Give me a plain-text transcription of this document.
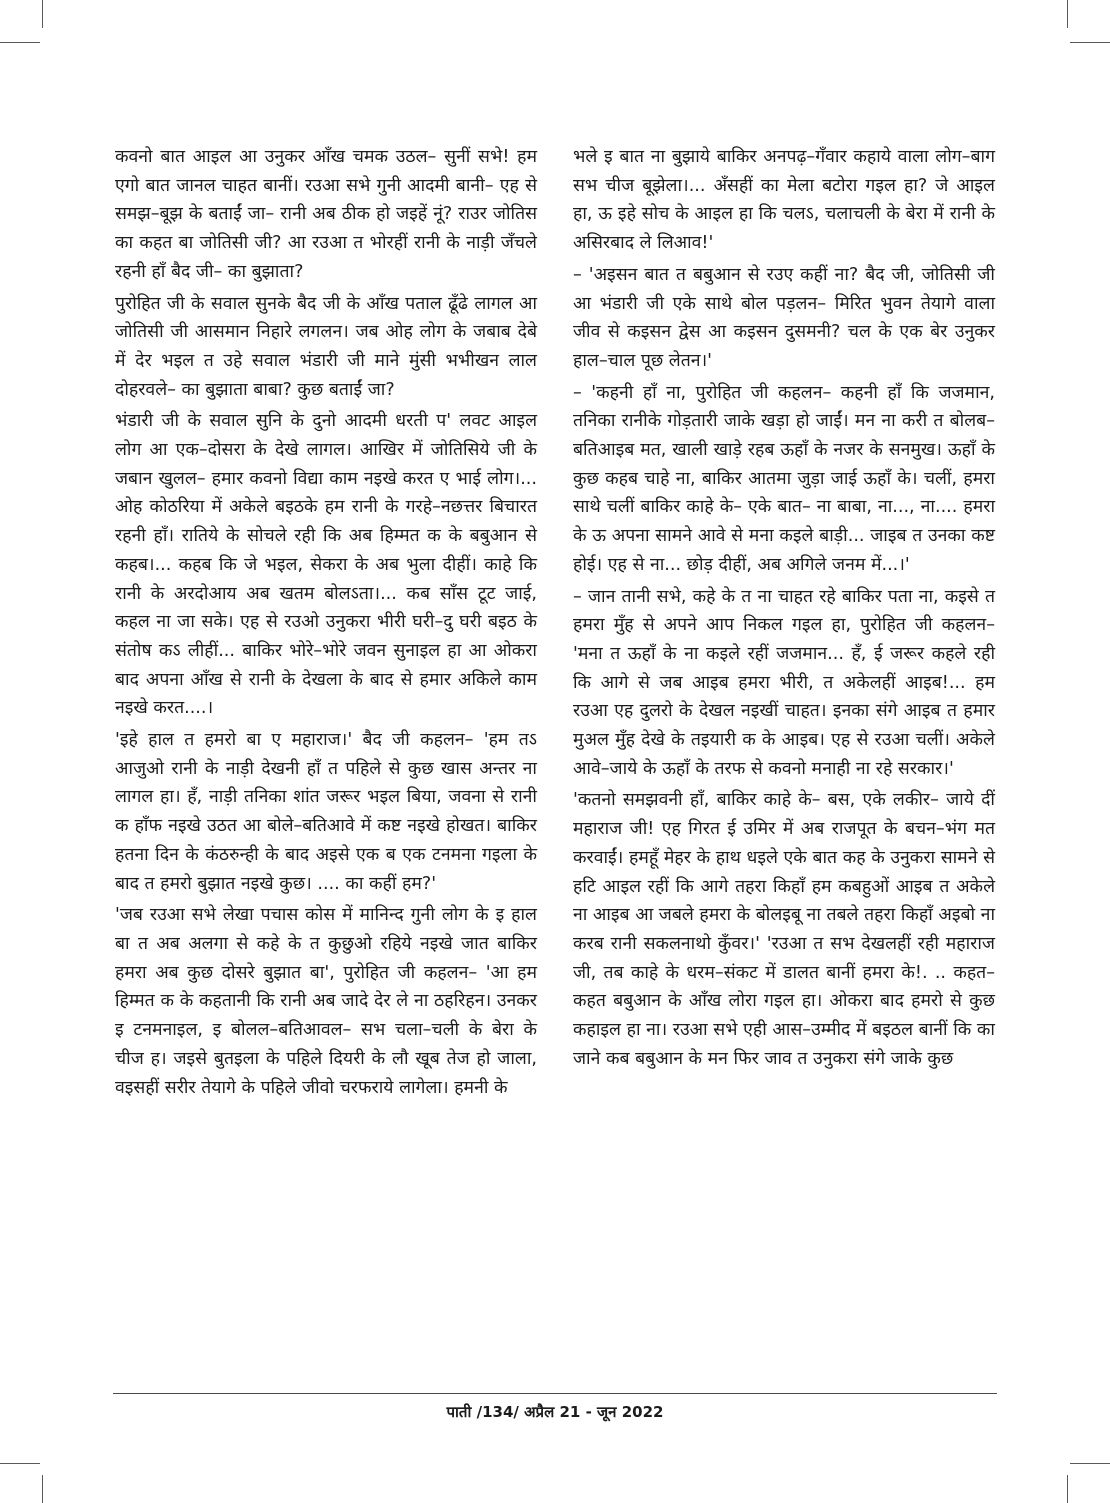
कवनो बात आइल आ उनुकर आँख चमक उठल– सुनीं सभे! हम एगो बात जानल चाहत बानीं। रउआ सभे गुनी आदमी बानी– एह से समझ–बूझ के बताईं जा– रानी अब ठीक हो जइहें नूं? राउर जोतिस का कहत बा जोतिसी जी? आ रउआ त भोरहीं रानी के नाड़ी जँचले रहनी हाँ बैद जी– का बुझाता?

पुरोहित जी के सवाल सुनके बैद जी के आँख पताल ढूँढे लागल आ जोतिसी जी आसमान निहारे लगलन। जब ओह लोग के जबाब देबे में देर भइल त उहे सवाल भंडारी जी माने मुंसी भभीखन लाल दोहरवले– का बुझाता बाबा? कुछ बताईं जा?

भंडारी जी के सवाल सुनि के दुनो आदमी धरती प' लवट आइल लोग आ एक–दोसरा के देखे लागल। आखिर में जोतिसिये जी के जबान खुलल– हमार कवनो विद्या काम नइखे करत ए भाई लोग।... ओह कोठरिया में अकेले बइठके हम रानी के गरहे–नछत्तर बिचारत रहनी हाँ। रातिये के सोचले रही कि अब हिम्मत क के बबुआन से कहब।... कहब कि जे भइल, सेकरा के अब भुला दीहीं। काहे कि रानी के अरदोआय अब खतम बोलऽता।... कब साँस टूट जाई, कहल ना जा सके। एह से रउओ उनुकरा भीरी घरी–दु घरी बइठ के संतोष कऽ लीहीं... बाकिर भोरे–भोरे जवन सुनाइल हा आ ओकरा बाद अपना आँख से रानी के देखला के बाद से हमार अकिले काम नइखे करत....।

'इहे हाल त हमरो बा ए महाराज।' बैद जी कहलन– 'हम तऽ आजुओ रानी के नाड़ी देखनी हाँ त पहिले से कुछ खास अन्तर ना लागल हा। हँ, नाड़ी तनिका शांत जरूर भइल बिया, जवना से रानी क हाँफ नइखे उठत आ बोले–बतिआवे में कष्ट नइखे होखत। बाकिर हतना दिन के कंठरुन्ही के बाद अइसे एक ब एक टनमना गइला के बाद त हमरो बुझात नइखे कुछ। .... का कहीं हम?'

'जब रउआ सभे लेखा पचास कोस में मानिन्द गुनी लोग के इ हाल बा त अब अलगा से कहे के त कुछुओ रहिये नइखे जात बाकिर हमरा अब कुछ दोसरे बुझात बा', पुरोहित जी कहलन– 'आ हम हिम्मत क के कहतानी कि रानी अब जादे देर ले ना ठहरिहन। उनकर इ टनमनाइल, इ बोलल–बतिआवल– सभ चला–चली के बेरा के चीज ह। जइसे बुतइला के पहिले दियरी के लौ खूब तेज हो जाला, वइसहीं सरीर तेयागे के पहिले जीवो चरफराये लागेला। हमनी के

भले इ बात ना बुझाये बाकिर अनपढ़–गँवार कहाये वाला लोग–बाग सभ चीज बूझेला।... अँसहीं का मेला बटोरा गइल हा? जे आइल हा, ऊ इहे सोच के आइल हा कि चलऽ, चलाचली के बेरा में रानी के असिरबाद ले लिआव!'

– 'अइसन बात त बबुआन से रउए कहीं ना? बैद जी, जोतिसी जी आ भंडारी जी एके साथे बोल पड़लन– मिरित भुवन तेयागे वाला जीव से कइसन द्वेस आ कइसन दुसमनी? चल के एक बेर उनुकर हाल–चाल पूछ लेतन।'

– 'कहनी हाँ ना, पुरोहित जी कहलन– कहनी हाँ कि जजमान, तनिका रानीके गोड़तारी जाके खड़ा हो जाईं। मन ना करी त बोलब–बतिआइब मत, खाली खाड़े रहब ऊहाँ के नजर के सनमुख। ऊहाँ के कुछ कहब चाहे ना, बाकिर आतमा जुड़ा जाई ऊहाँ के। चलीं, हमरा साथे चलीं बाकिर काहे के– एके बात– ना बाबा, ना..., ना.... हमरा के ऊ अपना सामने आवे से मना कइले बाड़ी... जाइब त उनका कष्ट होई। एह से ना... छोड़ दीहीं, अब अगिले जनम में...।'

– जान तानी सभे, कहे के त ना चाहत रहे बाकिर पता ना, कइसे त हमरा मुँह से अपने आप निकल गइल हा, पुरोहित जी कहलन– 'मना त ऊहाँ के ना कइले रहीं जजमान... हँ, ई जरूर कहले रही कि आगे से जब आइब हमरा भीरी, त अकेलहीं आइब!... हम रउआ एह दुलरो के देखल नइखीं चाहत। इनका संगे आइब त हमार मुअल मुँह देखे के तइयारी क के आइब। एह से रउआ चलीं। अकेले आवे–जाये के ऊहाँ के तरफ से कवनो मनाही ना रहे सरकार।'

'कतनो समझवनी हाँ, बाकिर काहे के– बस, एके लकीर– जाये दीं महाराज जी! एह गिरत ई उमिर में अब राजपूत के बचन–भंग मत करवाईं। हमहूँ मेहर के हाथ धइले एके बात कह के उनुकरा सामने से हटि आइल रहीं कि आगे तहरा किहाँ हम कबहुओं आइब त अकेले ना आइब आ जबले हमरा के बोलइबू ना तबले तहरा किहाँ अइबो ना करब रानी सकलनाथो कुँवर।' 'रउआ त सभ देखलहीं रही महाराज जी, तब काहे के धरम–संकट में डालत बानीं हमरा के!. .. कहत–कहत बबुआन के आँख लोरा गइल हा। ओकरा बाद हमरो से कुछ कहाइल हा ना। रउआ सभे एही आस–उम्मीद में बइठल बानीं कि का जाने कब बबुआन के मन फिर जाव त उनुकरा संगे जाके कुछ

पाती /134/ अप्रैल 21 - जून 2022
